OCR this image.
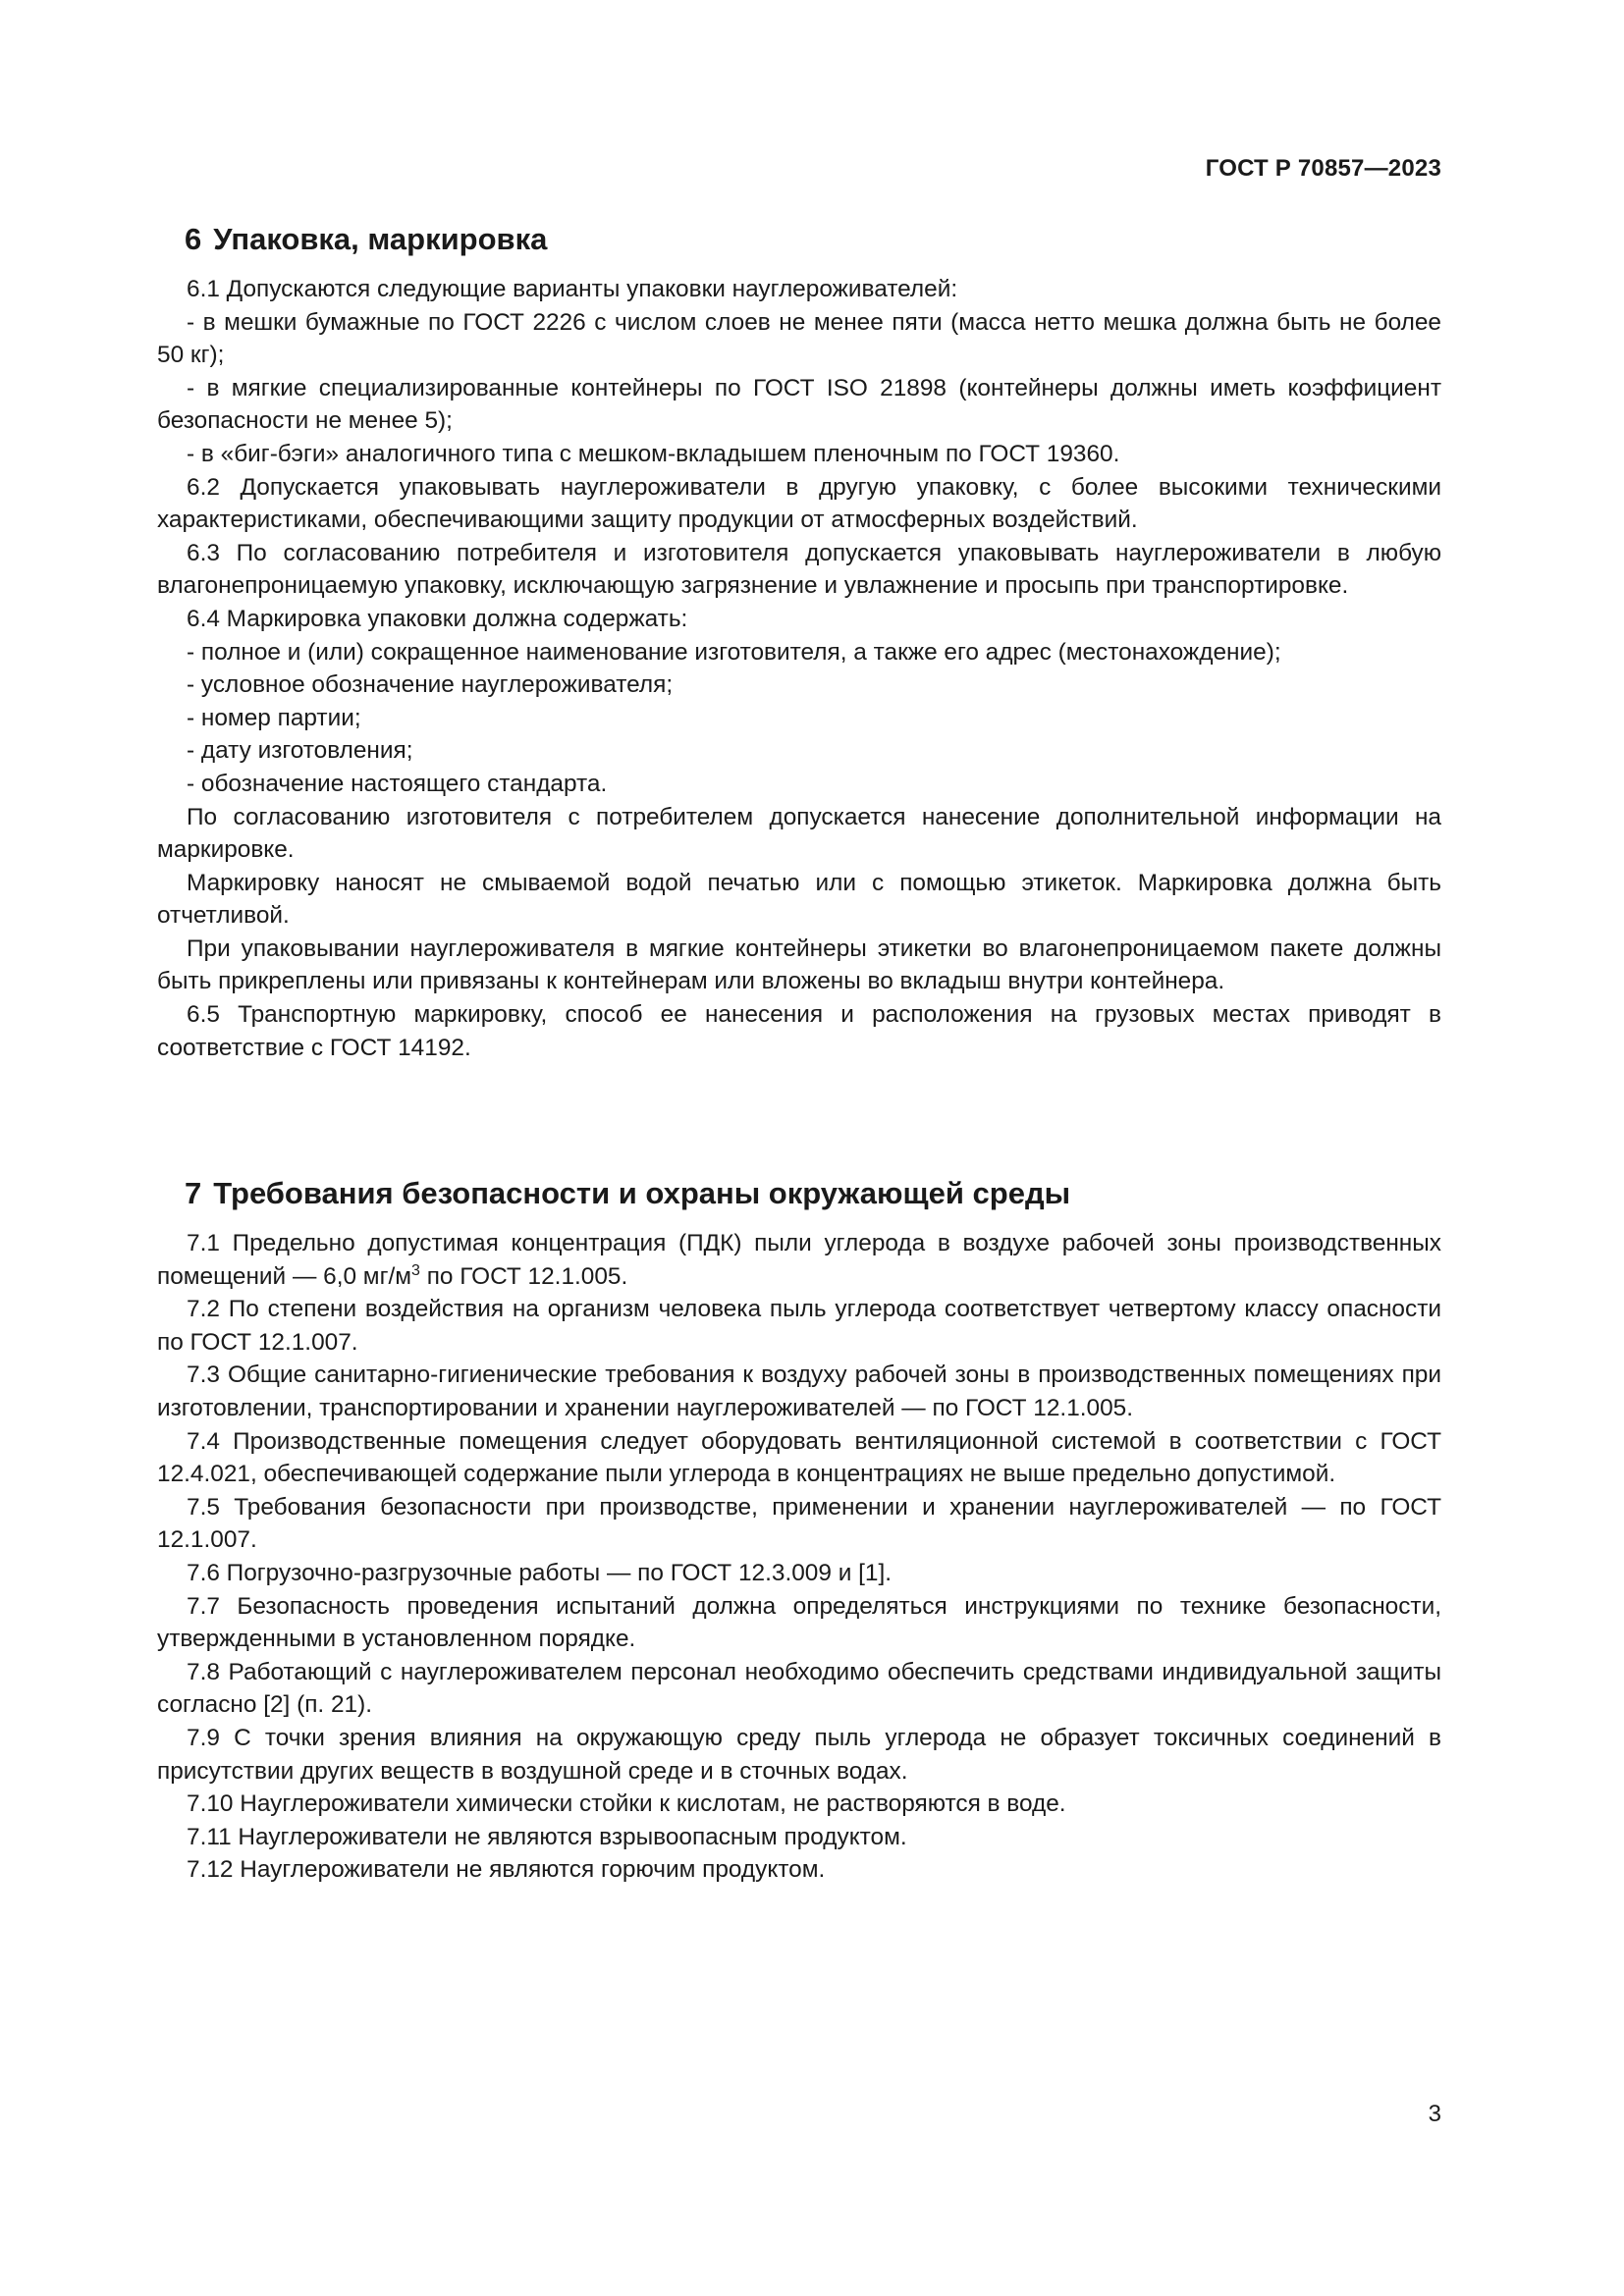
ГОСТ Р 70857—2023
6 Упаковка, маркировка

6.1 Допускаются следующие варианты упаковки науглероживателей:

- в мешки бумажные по ГОСТ 2226 с числом слоев не менее пяти (масса нетто мешка должна быть не более 50 кг);

- в мягкие специализированные контейнеры по ГОСТ ISO 21898 (контейнеры должны иметь коэффициент безопасности не менее 5);

- в «биг-бэги» аналогичного типа с мешком-вкладышем пленочным по ГОСТ 19360.

6.2 Допускается упаковывать науглероживатели в другую упаковку, с более высокими техническими характеристиками, обеспечивающими защиту продукции от атмосферных воздействий.

6.3 По согласованию потребителя и изготовителя допускается упаковывать науглероживатели в любую влагонепроницаемую упаковку, исключающую загрязнение и увлажнение и просыпь при транспортировке.

6.4 Маркировка упаковки должна содержать:

- полное и (или) сокращенное наименование изготовителя, а также его адрес (местонахождение);

- условное обозначение науглероживателя;

- номер партии;

- дату изготовления;

- обозначение настоящего стандарта.

По согласованию изготовителя с потребителем допускается нанесение дополнительной информации на маркировке.

Маркировку наносят не смываемой водой печатью или с помощью этикеток. Маркировка должна быть отчетливой.

При упаковывании науглероживателя в мягкие контейнеры этикетки во влагонепроницаемом пакете должны быть прикреплены или привязаны к контейнерам или вложены во вкладыш внутри контейнера.

6.5 Транспортную маркировку, способ ее нанесения и расположения на грузовых местах приводят в соответствие с ГОСТ 14192.

7 Требования безопасности и охраны окружающей среды

7.1 Предельно допустимая концентрация (ПДК) пыли углерода в воздухе рабочей зоны производственных помещений — 6,0 $мг/м^3$ по ГОСТ 12.1.005.

7.2 По степени воздействия на организм человека пыль углерода соответствует четвертому классу опасности по ГОСТ 12.1.007.

7.3 Общие санитарно-гигиенические требования к воздуху рабочей зоны в производственных помещениях при изготовлении, транспортировании и хранении науглероживателей — по ГОСТ 12.1.005.

7.4 Производственные помещения следует оборудовать вентиляционной системой в соответствии с ГОСТ 12.4.021, обеспечивающей содержание пыли углерода в концентрациях не выше предельно допустимой.

7.5 Требования безопасности при производстве, применении и хранении науглероживателей — по ГОСТ 12.1.007.

7.6 Погрузочно-разгрузочные работы — по ГОСТ 12.3.009 и [1].

7.7 Безопасность проведения испытаний должна определяться инструкциями по технике безопасности, утвержденными в установленном порядке.

7.8 Работающий с науглероживателем персонал необходимо обеспечить средствами индивидуальной защиты согласно [2] (п. 21).

7.9 С точки зрения влияния на окружающую среду пыль углерода не образует токсичных соединений в присутствии других веществ в воздушной среде и в сточных водах.

7.10 Науглероживатели химически стойки к кислотам, не растворяются в воде.

7.11 Науглероживатели не являются взрывоопасным продуктом.

7.12 Науглероживатели не являются горючим продуктом.

3
